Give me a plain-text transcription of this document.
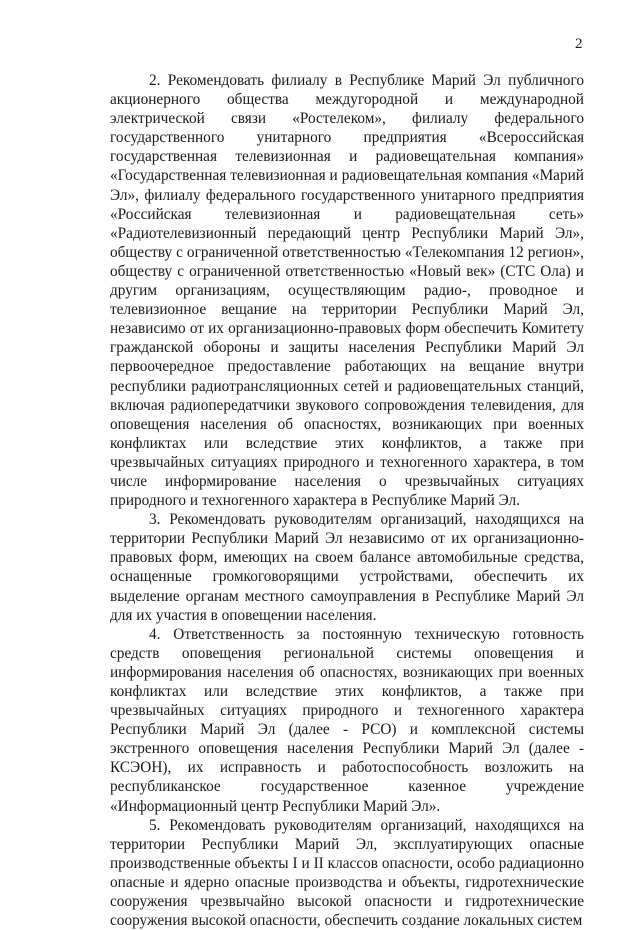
2

2. Рекомендовать филиалу в Республике Марий Эл публичного акционерного общества междугородной и международной электрической связи «Ростелеком», филиалу федерального государственного унитарного предприятия «Всероссийская государственная телевизионная и радиовещательная компания» «Государственная телевизионная и радиовещательная компания «Марий Эл», филиалу федерального государственного унитарного предприятия «Российская телевизионная и радиовещательная сеть» «Радиотелевизионный передающий центр Республики Марий Эл», обществу с ограниченной ответственностью «Телекомпания 12 регион», обществу с ограниченной ответственностью «Новый век» (СТС Ола) и другим организациям, осуществляющим радио-, проводное и телевизионное вещание на территории Республики Марий Эл, независимо от их организационно-правовых форм обеспечить Комитету гражданской обороны и защиты населения Республики Марий Эл первоочередное предоставление работающих на вещание внутри республики радиотрансляционных сетей и радиовещательных станций, включая радиопередатчики звукового сопровождения телевидения, для оповещения населения об опасностях, возникающих при военных конфликтах или вследствие этих конфликтов, а также при чрезвычайных ситуациях природного и техногенного характера, в том числе информирование населения о чрезвычайных ситуациях природного и техногенного характера в Республике Марий Эл.

3. Рекомендовать руководителям организаций, находящихся на территории Республики Марий Эл независимо от их организационно-правовых форм, имеющих на своем балансе автомобильные средства, оснащенные громкоговорящими устройствами, обеспечить их выделение органам местного самоуправления в Республике Марий Эл для их участия в оповещении населения.

4. Ответственность за постоянную техническую готовность средств оповещения региональной системы оповещения и информирования населения об опасностях, возникающих при военных конфликтах или вследствие этих конфликтов, а также при чрезвычайных ситуациях природного и техногенного характера Республики Марий Эл (далее - РСО) и комплексной системы экстренного оповещения населения Республики Марий Эл (далее - КСЭОН), их исправность и работоспособность возложить на республиканское государственное казенное учреждение «Информационный центр Республики Марий Эл».

5. Рекомендовать руководителям организаций, находящихся на территории Республики Марий Эл, эксплуатирующих опасные производственные объекты I и II классов опасности, особо радиационно опасные и ядерно опасные производства и объекты, гидротехнические сооружения чрезвычайно высокой опасности и гидротехнические сооружения высокой опасности, обеспечить создание локальных систем
